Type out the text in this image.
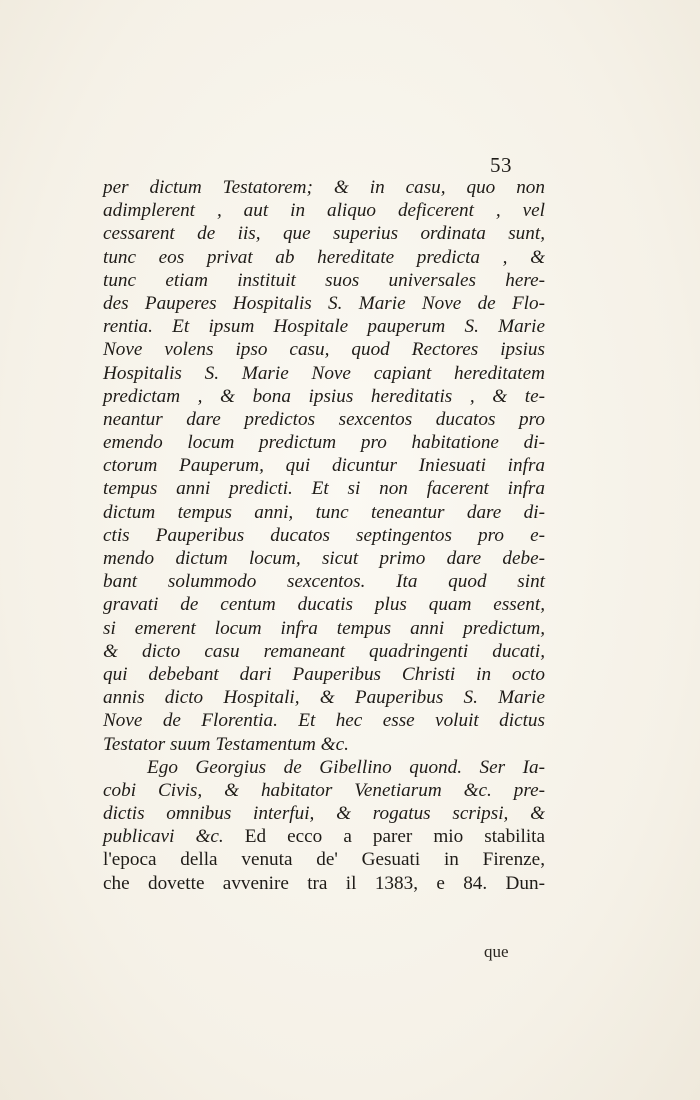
53
per dictum Testatorem; & in casu, quo non
adimplerent , aut in aliquo deficerent , vel
cessarent de iis, que superius ordinata sunt,
tunc eos privat ab hereditate predicta , &
tunc etiam instituit suos universales here-
des Pauperes Hospitalis S. Marie Nove de Flo-
rentia. Et ipsum Hospitale pauperum S. Marie
Nove volens ipso casu, quod Rectores ipsius
Hospitalis S. Marie Nove capiant hereditatem
predictam , & bona ipsius hereditatis , & te-
neantur dare predictos sexcentos ducatos pro
emendo locum predictum pro habitatione di-
ctorum Pauperum, qui dicuntur Iniesuati infra
tempus anni predicti. Et si non facerent infra
dictum tempus anni, tunc teneantur dare di-
ctis Pauperibus ducatos septingentos pro e-
mendo dictum locum, sicut primo dare debe-
bant solummodo sexcentos. Ita quod sint
gravati de centum ducatis plus quam essent,
si emerent locum infra tempus anni predictum,
& dicto casu remaneant quadringenti ducati,
qui debebant dari Pauperibus Christi in octo
annis dicto Hospitali, & Pauperibus S. Marie
Nove de Florentia. Et hec esse voluit dictus
Testator suum Testamentum &c.
Ego Georgius de Gibellino quond. Ser Ia-
cobi Civis, & habitator Venetiarum &c. pre-
dictis omnibus interfui, & rogatus scripsi, &
publicavi &c. Ed ecco a parer mio stabilita
l'epoca della venuta de' Gesuati in Firenze,
che dovette avvenire tra il 1383, e 84. Dun-
que
